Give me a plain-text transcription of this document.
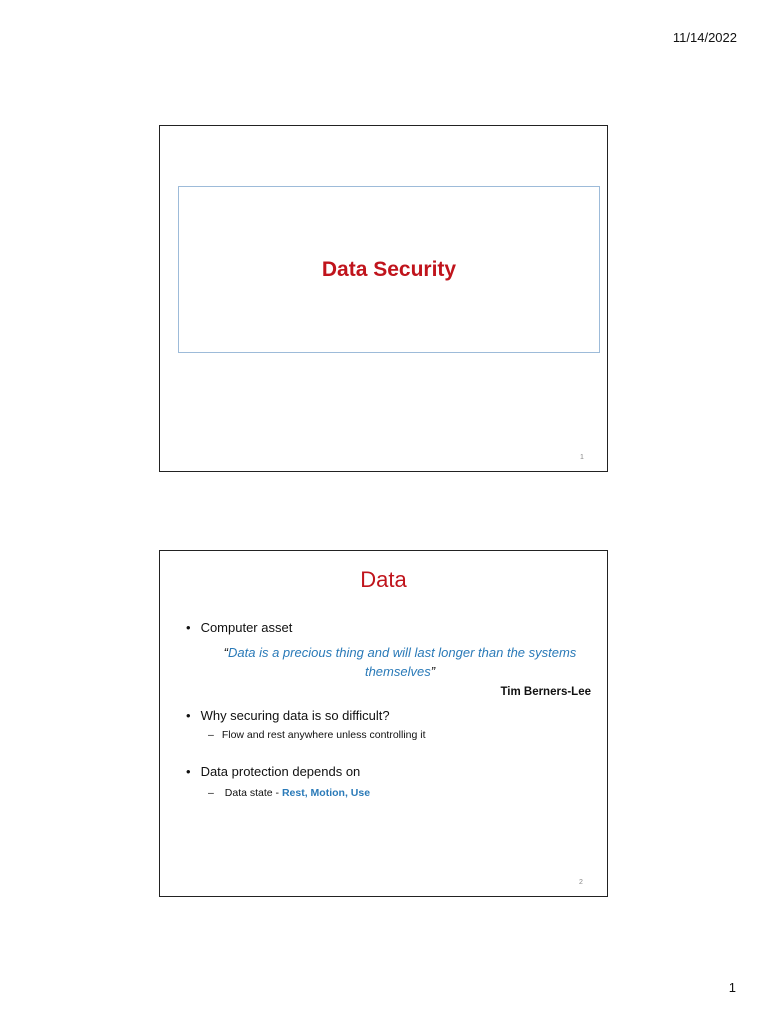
11/14/2022
Data Security
1
Data
• Computer asset
“Data is a precious thing and will last longer than the systems themselves”
Tim Berners-Lee
• Why securing data is so difficult?
– Flow and rest anywhere unless controlling it
• Data protection depends on
– Data state - Rest, Motion, Use
2
1
